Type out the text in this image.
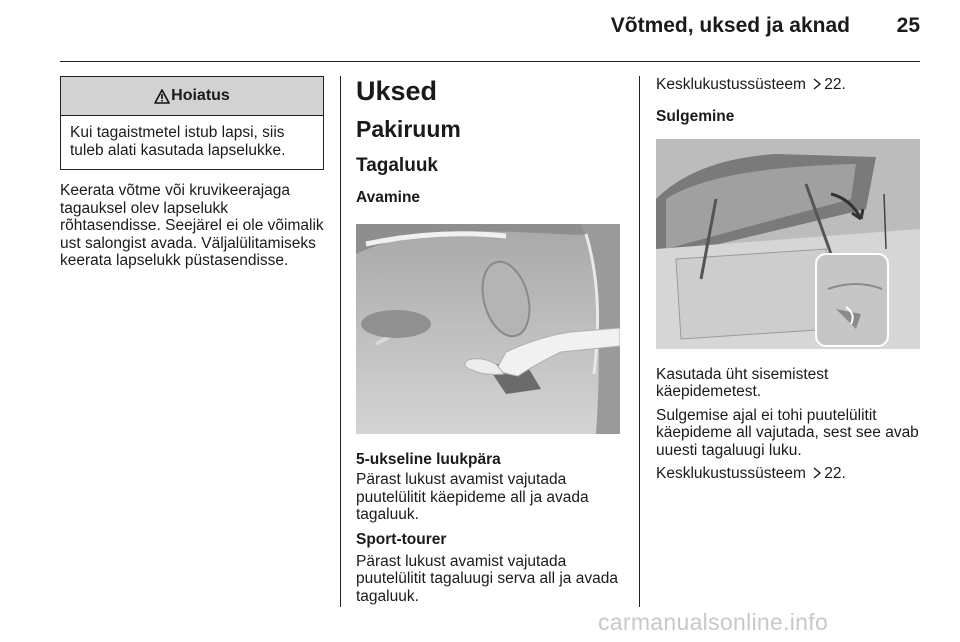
Võtmed, uksed ja aknad	25
Hoiatus
Kui tagaistmetel istub lapsi, siis tuleb alati kasutada lapselukke.

Keerata võtme või kruvikeerajaga tagauksel olev lapselukk rõhtasendisse. Seejärel ei ole võimalik ust salongist avada. Väljalülitamiseks keerata lapselukk püstasendisse.

Uksed
Pakiruum
Tagaluuk
Avamine
5-ukseline luukpära

Pärast lukust avamist vajutada puutelülitit käepideme all ja avada tagaluuk.

Sport-tourer

Pärast lukust avamist vajutada puutelülitit tagaluugi serva all ja avada tagaluuk.

Kesklukustussüsteem 22.

Sulgemine

Kasutada üht sisemistest käepidemetest.

Sulgemise ajal ei tohi puutelülitit käepideme all vajutada, sest see avab uuesti tagaluugi luku.

Kesklukustussüsteem 22.

carmanualsonline.info
